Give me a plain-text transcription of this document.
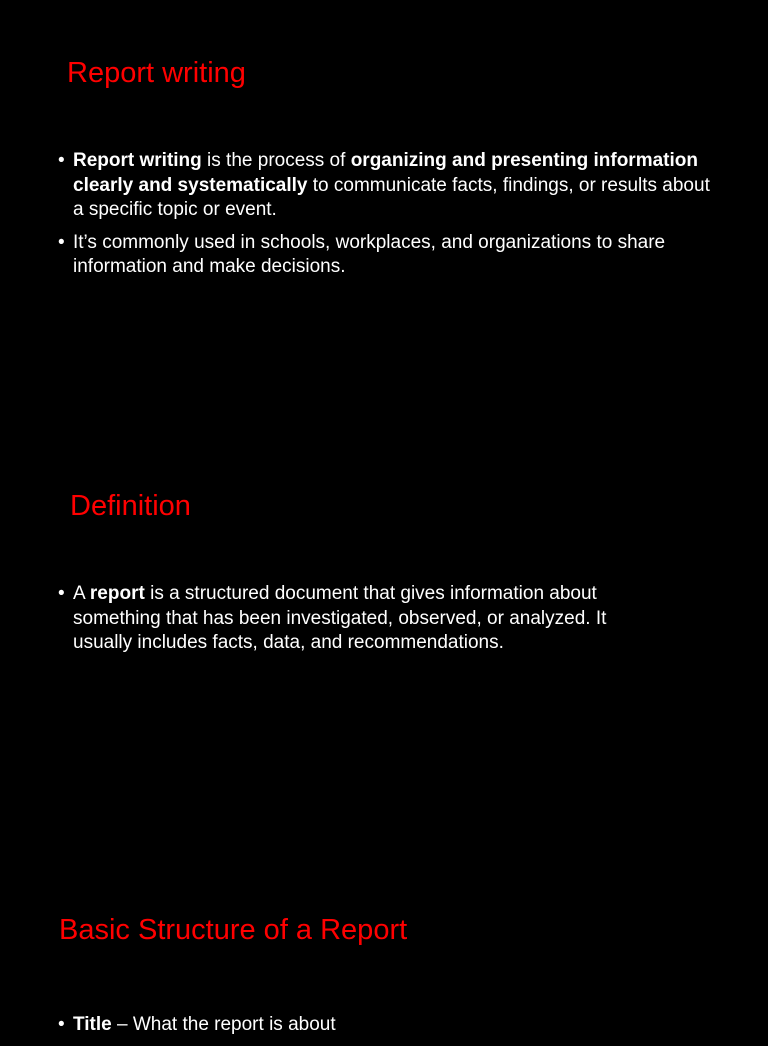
Report writing
• Report writing is the process of organizing and presenting information clearly and systematically to communicate facts, findings, or results about a specific topic or event.
• It’s commonly used in schools, workplaces, and organizations to share information and make decisions.
Definition
• A report is a structured document that gives information about something that has been investigated, observed, or analyzed. It usually includes facts, data, and recommendations.
Basic Structure of a Report
• Title – What the report is about
